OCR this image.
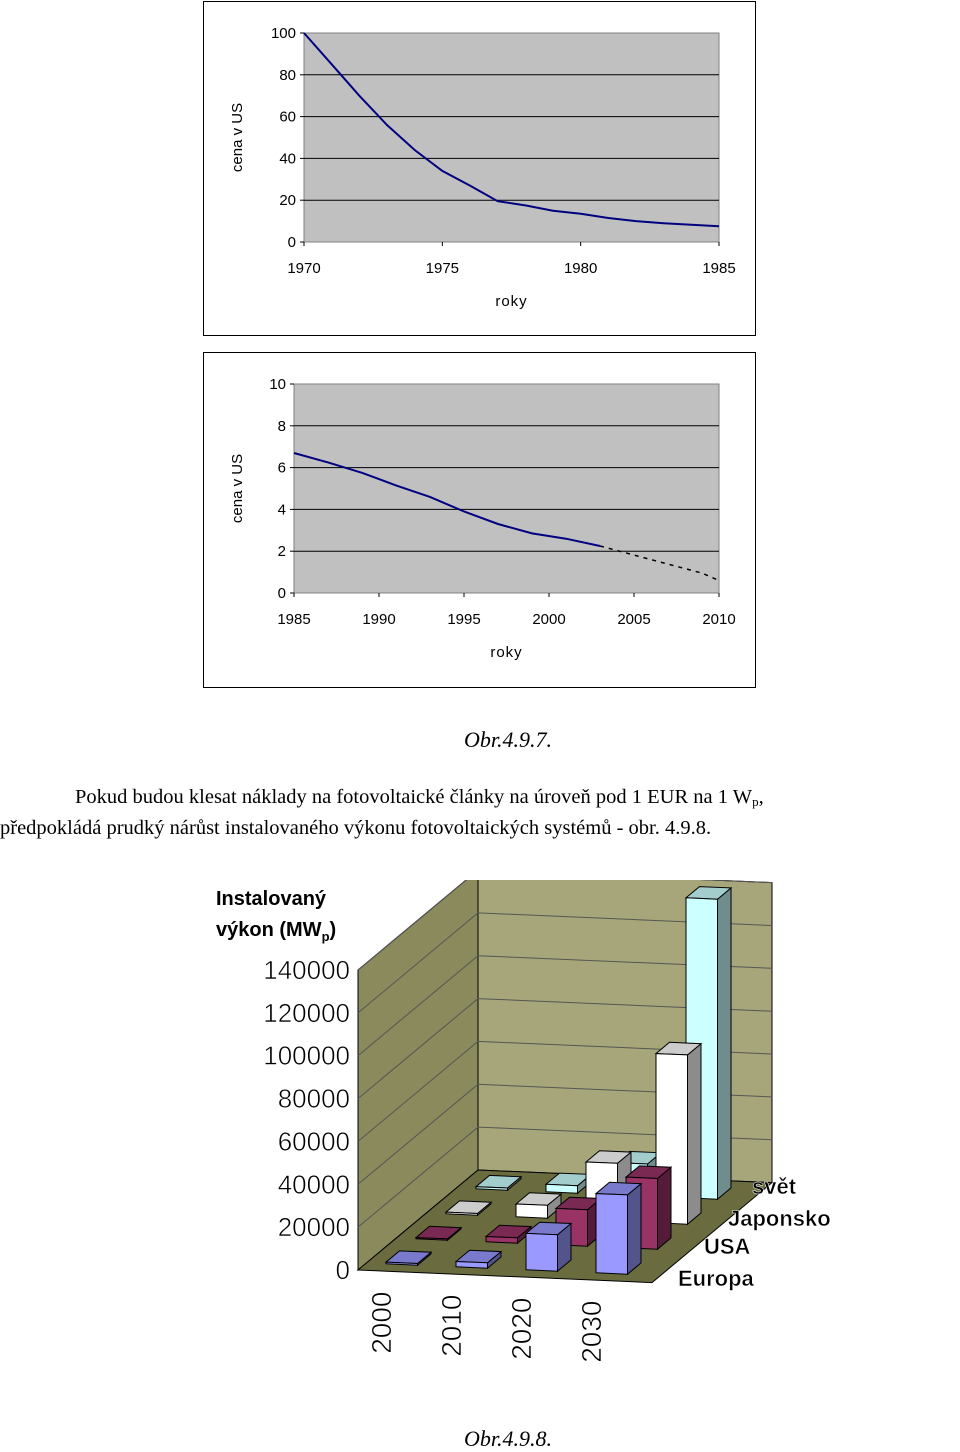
100
80
60
40
20
0
1970	1975	1980	1985
roky
cena v US
10
8
6
4
2
0
1985	1990	1995	2000	2005	2010
roky
cena v US
Obr.4.9.7.

Pokud budou klesat náklady na fotovoltaické články na úroveň pod 1 EUR na 1 $W_p$,

předpokládá prudký nárůst instalovaného výkonu fotovoltaických systémů - obr. 4.9.8.

Instalovaný
výkon $(MW_p)$
140000
120000
100000
80000
60000
40000
20000
0
2000 2010 2020 2030
Europa
USA
Japonsko
svět
Obr.4.9.8.
